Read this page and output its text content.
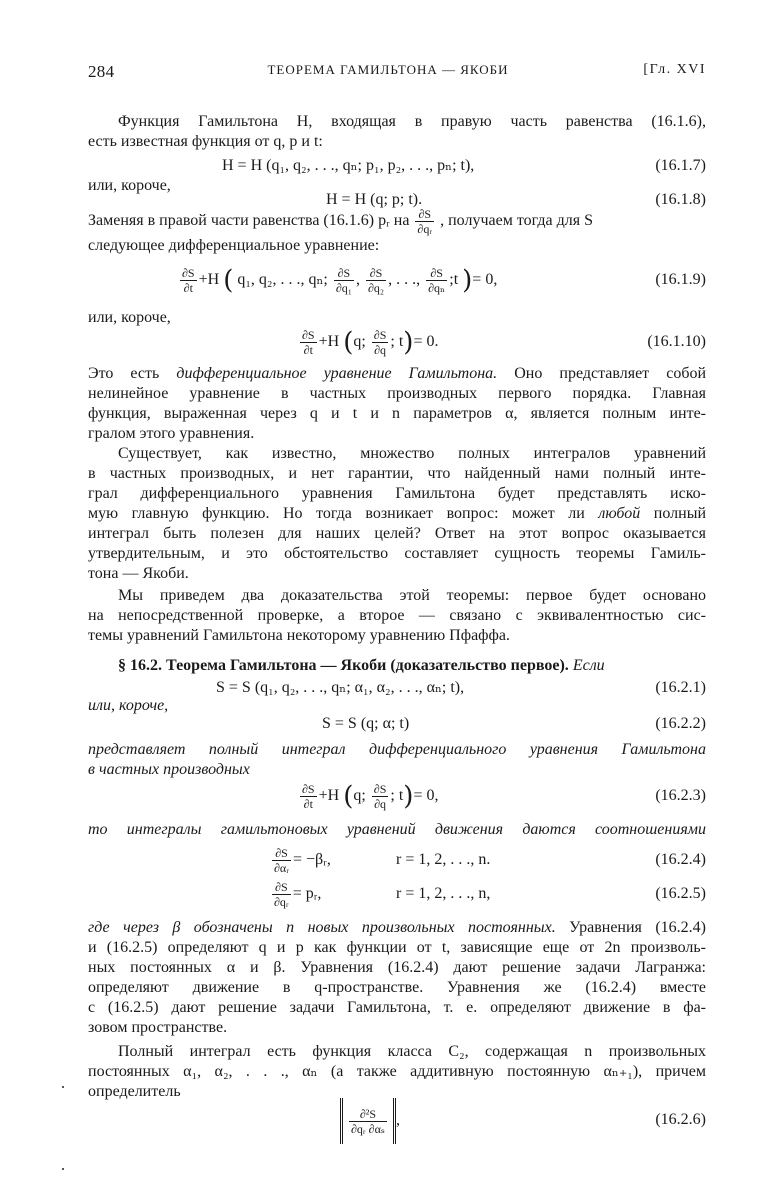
284	ТЕОРЕМА ГАМИЛЬТОНА — ЯКОБИ	[Гл. XVI
Функция Гамильтона H, входящая в правую часть равенства (16.1.6),
есть известная функция от q, p и t:
H = H (q₁, q₂, . . ., qₙ; p₁, p₂, . . ., pₙ; t),	(16.1.7)
или, короче,
H = H (q; p; t).	(16.1.8)
Заменяя в правой части равенства (16.1.6) pᵣ на $\frac{\partial S}{\text{∂qᵣ}}$ , получаем тогда для S
следующее дифференциальное уравнение:
$\frac{\partial S}{\partial t} +H$ ( q₁, q₂, . . ., qₙ; $\frac{\partial S}{\text{∂q₁}}$ , $\frac{\partial S}{\text{∂q₂}}$ , . . ., $\frac{\partial S}{\text{∂qₙ}}$ ;t )= 0,	(16.1.9)
или, короче,
$\frac{\partial S}{\partial t} +H$ (q; $\frac{\partial S}{\partial q}$ ; t)= 0.	(16.1.10)
Это есть дифференциальное уравнение Гамильтона. Оно представляет собой
нелинейное уравнение в частных производных первого порядка. Главная
функция, выраженная через q и t и n параметров α, является полным инте-
гралом этого уравнения.
Существует, как известно, множество полных интегралов уравнений
в частных производных, и нет гарантии, что найденный нами полный инте-
грал дифференциального уравнения Гамильтона будет представлять иско-
мую главную функцию. Но тогда возникает вопрос: может ли любой полный
интеграл быть полезен для наших целей? Ответ на этот вопрос оказывается
утвердительным, и это обстоятельство составляет сущность теоремы Гамиль-
тона — Якоби.
Мы приведем два доказательства этой теоремы: первое будет основано
на непосредственной проверке, а второе — связано с эквивалентностью сис-
темы уравнений Гамильтона некоторому уравнению Пфаффа.
§ 16.2. Теорема Гамильтона — Якоби (доказательство первое). Если
S = S (q₁, q₂, . . ., qₙ; α₁, α₂, . . ., αₙ; t),	(16.2.1)
или, короче,
S = S (q; α; t)	(16.2.2)
представляет полный интеграл дифференциального уравнения Гамильтона
в частных производных
$\frac{\partial S}{\partial t} +H$ (q; $\frac{\partial S}{\partial q}$ ; t)= 0,	(16.2.3)
то интегралы гамильтоновых уравнений движения даются соотношениями
$\frac{\partial S}{\text{∂αᵣ}}$ = −βᵣ,	r = 1, 2, . . ., n.	(16.2.4)
$\frac{\partial S}{\text{∂qᵣ}}$ = pᵣ,	r = 1, 2, . . ., n,	(16.2.5)
где через β обозначены n новых произвольных постоянных. Уравнения (16.2.4)
и (16.2.5) определяют q и p как функции от t, зависящие еще от 2n произволь-
ных постоянных α и β. Уравнения (16.2.4) дают решение задачи Лагранжа:
определяют движение в q-пространстве. Уравнения же (16.2.4) вместе
с (16.2.5) дают решение задачи Гамильтона, т. е. определяют движение в фа-
зовом пространстве.
Полный интеграл есть функция класса C₂, содержащая n произвольных
постоянных α₁, α₂, . . ., αₙ (а также аддитивную постоянную αₙ₊₁), причем
определитель
$\frac{\text{∂²S}}{\text{∂qᵣ ∂αₛ}}$ ,	(16.2.6)
